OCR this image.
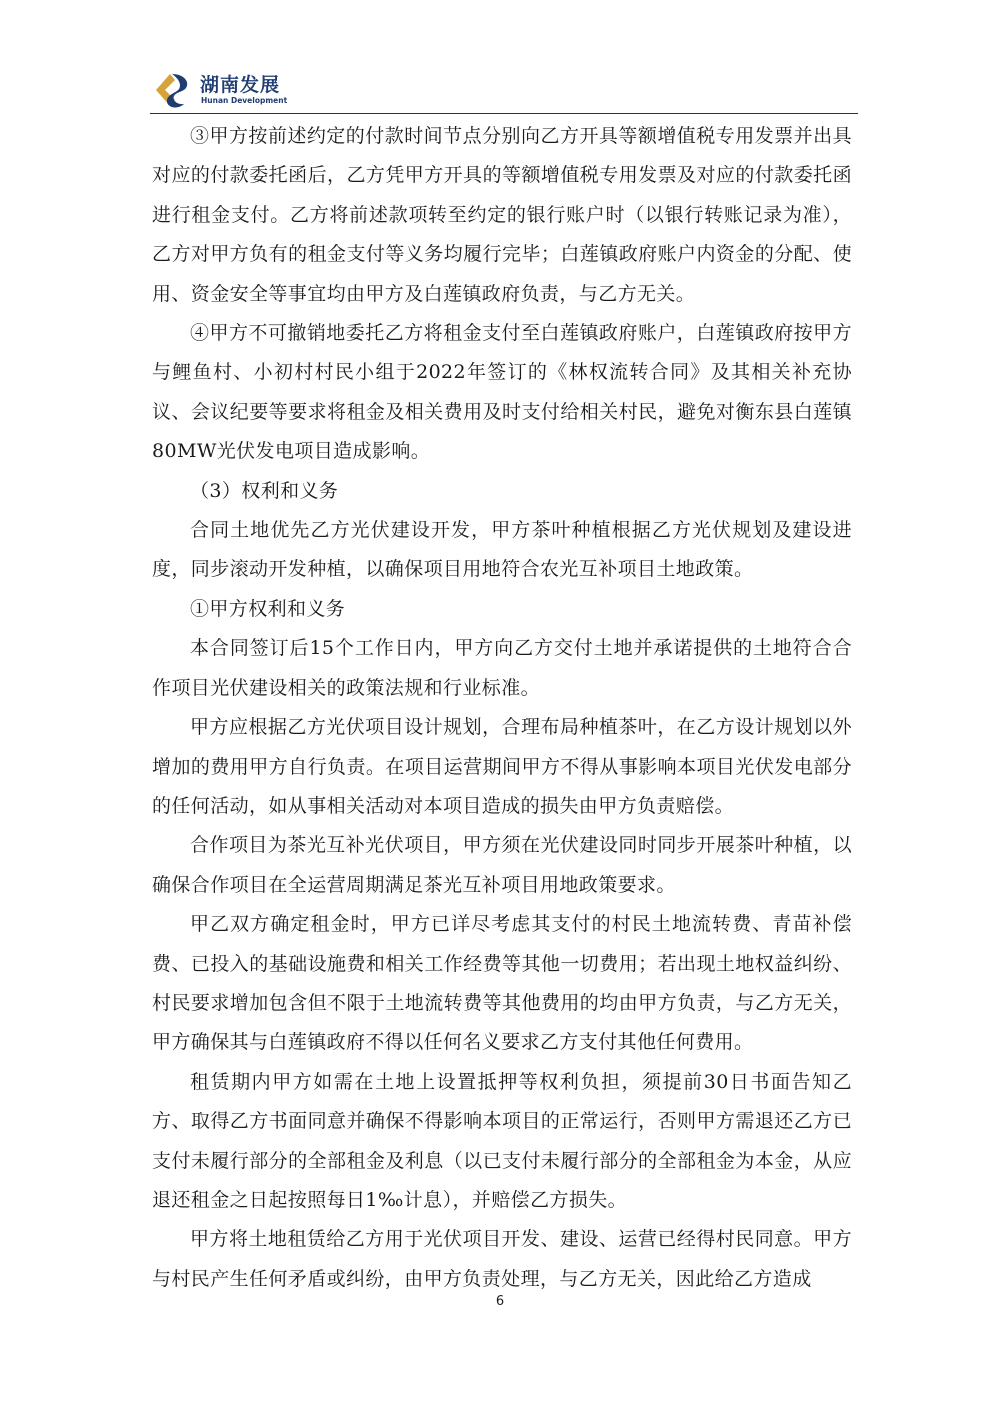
湖南发展
Hunan Development

③甲方按前述约定的付款时间节点分别向乙方开具等额增值税专用发票并出具对应的付款委托函后，乙方凭甲方开具的等额增值税专用发票及对应的付款委托函进行租金支付。乙方将前述款项转至约定的银行账户时（以银行转账记录为准），乙方对甲方负有的租金支付等义务均履行完毕；白莲镇政府账户内资金的分配、使用、资金安全等事宜均由甲方及白莲镇政府负责，与乙方无关。

④甲方不可撤销地委托乙方将租金支付至白莲镇政府账户，白莲镇政府按甲方与鲤鱼村、小初村村民小组于2022年签订的《林权流转合同》及其相关补充协议、会议纪要等要求将租金及相关费用及时支付给相关村民，避免对衡东县白莲镇80MW光伏发电项目造成影响。

（3）权利和义务

合同土地优先乙方光伏建设开发，甲方茶叶种植根据乙方光伏规划及建设进度，同步滚动开发种植，以确保项目用地符合农光互补项目土地政策。

①甲方权利和义务

本合同签订后15个工作日内，甲方向乙方交付土地并承诺提供的土地符合合作项目光伏建设相关的政策法规和行业标准。

甲方应根据乙方光伏项目设计规划，合理布局种植茶叶，在乙方设计规划以外增加的费用甲方自行负责。在项目运营期间甲方不得从事影响本项目光伏发电部分的任何活动，如从事相关活动对本项目造成的损失由甲方负责赔偿。

合作项目为茶光互补光伏项目，甲方须在光伏建设同时同步开展茶叶种植，以确保合作项目在全运营周期满足茶光互补项目用地政策要求。

甲乙双方确定租金时，甲方已详尽考虑其支付的村民土地流转费、青苗补偿费、已投入的基础设施费和相关工作经费等其他一切费用；若出现土地权益纠纷、村民要求增加包含但不限于土地流转费等其他费用的均由甲方负责，与乙方无关，甲方确保其与白莲镇政府不得以任何名义要求乙方支付其他任何费用。

租赁期内甲方如需在土地上设置抵押等权利负担，须提前30日书面告知乙方、取得乙方书面同意并确保不得影响本项目的正常运行，否则甲方需退还乙方已支付未履行部分的全部租金及利息（以已支付未履行部分的全部租金为本金，从应退还租金之日起按照每日1‰计息），并赔偿乙方损失。

甲方将土地租赁给乙方用于光伏项目开发、建设、运营已经得村民同意。甲方与村民产生任何矛盾或纠纷，由甲方负责处理，与乙方无关，因此给乙方造成

6
